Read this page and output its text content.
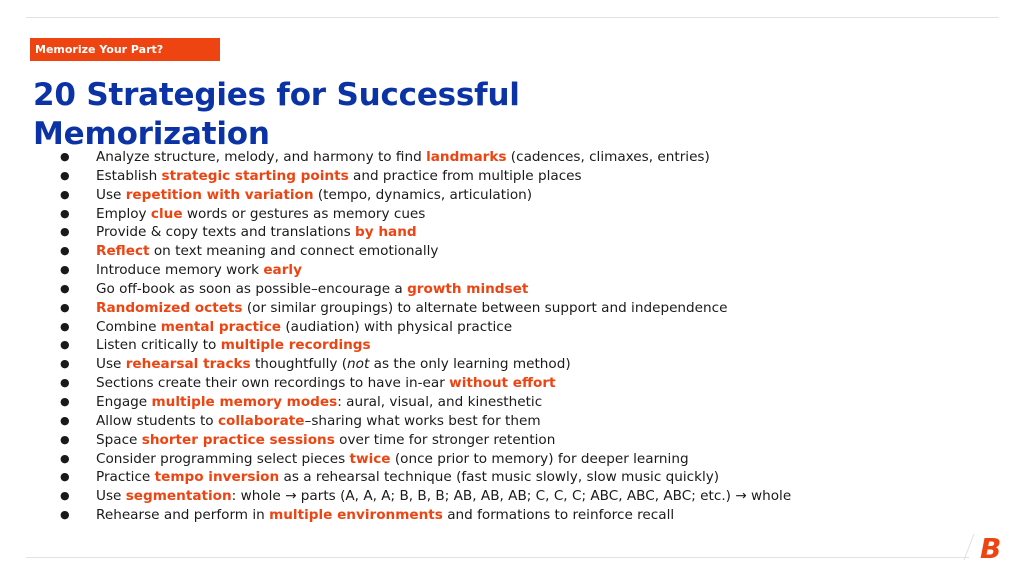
Memorize Your Part?
20 Strategies for Successful Memorization
● Analyze structure, melody, and harmony to find landmarks (cadences, climaxes, entries)
● Establish strategic starting points and practice from multiple places
● Use repetition with variation (tempo, dynamics, articulation)
● Employ clue words or gestures as memory cues
● Provide & copy texts and translations by hand
● Reflect on text meaning and connect emotionally
● Introduce memory work early
● Go off-book as soon as possible–encourage a growth mindset
● Randomized octets (or similar groupings) to alternate between support and independence
● Combine mental practice (audiation) with physical practice
● Listen critically to multiple recordings
● Use rehearsal tracks thoughtfully (not as the only learning method)
● Sections create their own recordings to have in-ear without effort
● Engage multiple memory modes: aural, visual, and kinesthetic
● Allow students to collaborate–sharing what works best for them
● Space shorter practice sessions over time for stronger retention
● Consider programming select pieces twice (once prior to memory) for deeper learning
● Practice tempo inversion as a rehearsal technique (fast music slowly, slow music quickly)
● Use segmentation: whole → parts (A, A, A; B, B, B; AB, AB, AB; C, C, C; ABC, ABC, ABC; etc.) → whole
● Rehearse and perform in multiple environments and formations to reinforce recall
B
